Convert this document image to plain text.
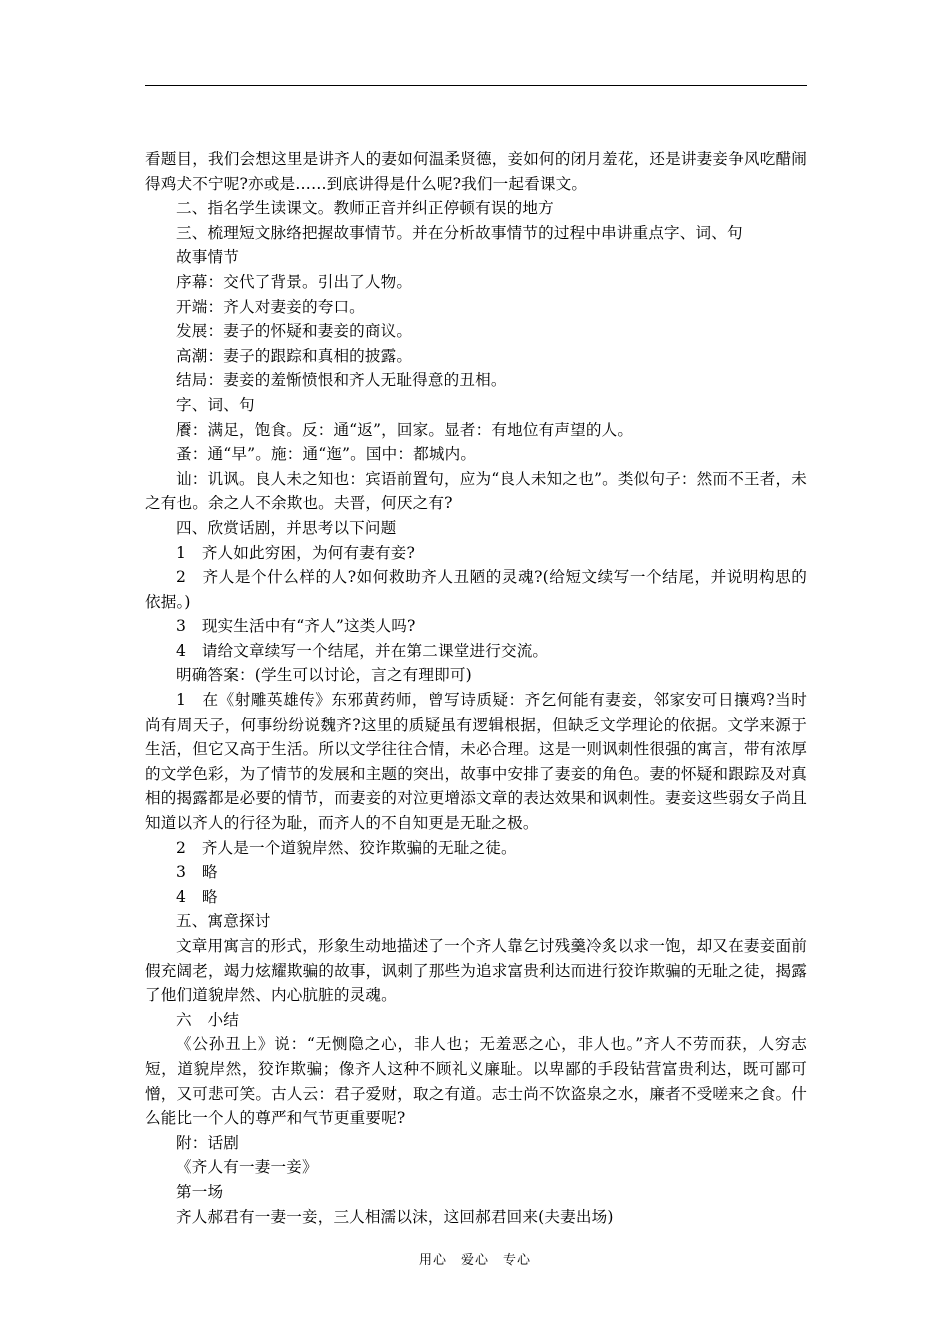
看题目，我们会想这里是讲齐人的妻如何温柔贤德，妾如何的闭月羞花，还是讲妻妾争风吃醋闹得鸡犬不宁呢?亦或是……到底讲得是什么呢?我们一起看课文。

二、指名学生读课文。教师正音并纠正停顿有误的地方

三、梳理短文脉络把握故事情节。并在分析故事情节的过程中串讲重点字、词、句

故事情节

序幕：交代了背景。引出了人物。

开端：齐人对妻妾的夸口。

发展：妻子的怀疑和妻妾的商议。

高潮：妻子的跟踪和真相的披露。

结局：妻妾的羞惭愤恨和齐人无耻得意的丑相。

字、词、句

餍：满足，饱食。反：通“返”，回家。显者：有地位有声望的人。

蚤：通“早”。施：通“迤”。国中：都城内。

讪：讥讽。良人未之知也：宾语前置句，应为“良人未知之也”。类似句子：然而不王者，未之有也。余之人不余欺也。夫晋，何厌之有?

四、欣赏话剧，并思考以下问题

1　齐人如此穷困，为何有妻有妾?

2　齐人是个什么样的人?如何救助齐人丑陋的灵魂?(给短文续写一个结尾，并说明构思的依据。)

3　现实生活中有“齐人”这类人吗?

4　请给文章续写一个结尾，并在第二课堂进行交流。

明确答案：(学生可以讨论，言之有理即可)

1　在《射雕英雄传》东邪黄药师，曾写诗质疑：齐乞何能有妻妾，邻家安可日攘鸡?当时尚有周天子，何事纷纷说魏齐?这里的质疑虽有逻辑根据，但缺乏文学理论的依据。文学来源于生活，但它又高于生活。所以文学往往合情，未必合理。这是一则讽刺性很强的寓言，带有浓厚的文学色彩，为了情节的发展和主题的突出，故事中安排了妻妾的角色。妻的怀疑和跟踪及对真相的揭露都是必要的情节，而妻妾的对泣更增添文章的表达效果和讽刺性。妻妾这些弱女子尚且知道以齐人的行径为耻，而齐人的不自知更是无耻之极。

2　齐人是一个道貌岸然、狡诈欺骗的无耻之徒。

3　略

4　略

五、寓意探讨

文章用寓言的形式，形象生动地描述了一个齐人靠乞讨残羹冷炙以求一饱，却又在妻妾面前假充阔老，竭力炫耀欺骗的故事，讽刺了那些为追求富贵利达而进行狡诈欺骗的无耻之徒，揭露了他们道貌岸然、内心肮脏的灵魂。

六　小结

《公孙丑上》说：“无恻隐之心，非人也；无羞恶之心，非人也。”齐人不劳而获，人穷志短，道貌岸然，狡诈欺骗；像齐人这种不顾礼义廉耻。以卑鄙的手段钻营富贵利达，既可鄙可憎，又可悲可笑。古人云：君子爱财，取之有道。志士尚不饮盗泉之水，廉者不受嗟来之食。什么能比一个人的尊严和气节更重要呢?

附：话剧

《齐人有一妻一妾》

第一场

齐人郝君有一妻一妾，三人相濡以沫，这回郝君回来(夫妻出场)

用心　爱心　专心
